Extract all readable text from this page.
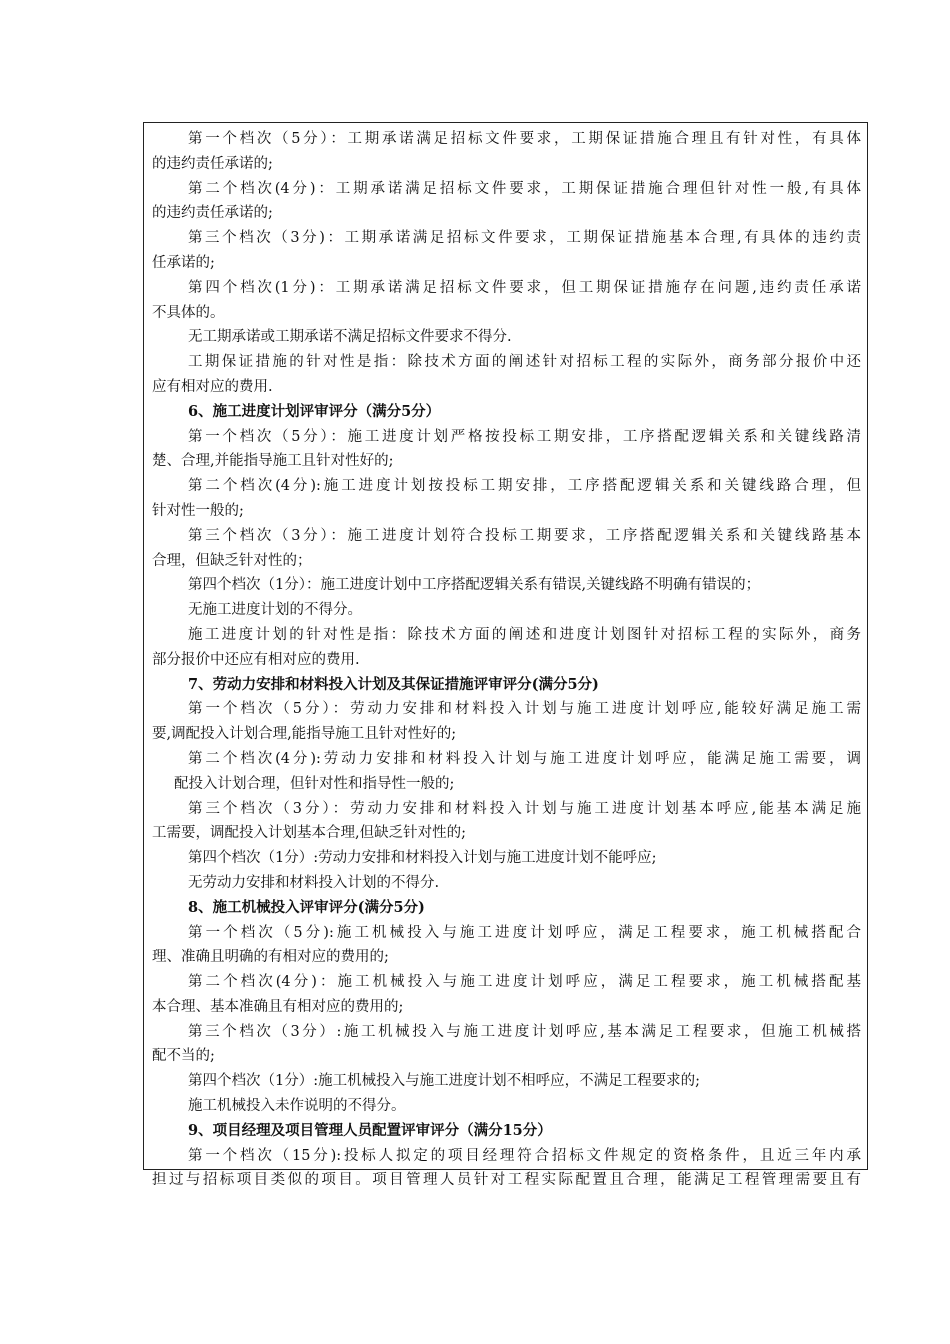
第一个档次（5分）：工期承诺满足招标文件要求，工期保证措施合理且有针对性，有具体
的违约责任承诺的;
第二个档次(4分)：工期承诺满足招标文件要求，工期保证措施合理但针对性一般,有具体
的违约责任承诺的;
第三个档次（3分)：工期承诺满足招标文件要求，工期保证措施基本合理,有具体的违约责
任承诺的;
第四个档次(1分)：工期承诺满足招标文件要求，但工期保证措施存在问题,违约责任承诺
不具体的。
无工期承诺或工期承诺不满足招标文件要求不得分.
工期保证措施的针对性是指：除技术方面的阐述针对招标工程的实际外，商务部分报价中还
应有相对应的费用.
6、施工进度计划评审评分（满分5分）
第一个档次（5分）：施工进度计划严格按投标工期安排，工序搭配逻辑关系和关键线路清
楚、合理,并能指导施工且针对性好的;
第二个档次(4分):施工进度计划按投标工期安排，工序搭配逻辑关系和关键线路合理，但
针对性一般的;
第三个档次（3分）：施工进度计划符合投标工期要求，工序搭配逻辑关系和关键线路基本
合理，但缺乏针对性的；
第四个档次（1分）：施工进度计划中工序搭配逻辑关系有错误,关键线路不明确有错误的；
无施工进度计划的不得分。
施工进度计划的针对性是指：除技术方面的阐述和进度计划图针对招标工程的实际外，商务
部分报价中还应有相对应的费用.
7、劳动力安排和材料投入计划及其保证措施评审评分(满分5分)
第一个档次（5分）：劳动力安排和材料投入计划与施工进度计划呼应,能较好满足施工需
要,调配投入计划合理,能指导施工且针对性好的;
第二个档次(4分):劳动力安排和材料投入计划与施工进度计划呼应，能满足施工需要，调
配投入计划合理，但针对性和指导性一般的;
第三个档次（3分）：劳动力安排和材料投入计划与施工进度计划基本呼应,能基本满足施
工需要，调配投入计划基本合理,但缺乏针对性的;
第四个档次（1分）:劳动力安排和材料投入计划与施工进度计划不能呼应;
无劳动力安排和材料投入计划的不得分.
8、施工机械投入评审评分(满分5分)
第一个档次（5分):施工机械投入与施工进度计划呼应，满足工程要求，施工机械搭配合
理、准确且明确的有相对应的费用的;
第二个档次(4分)：施工机械投入与施工进度计划呼应，满足工程要求，施工机械搭配基
本合理、基本准确且有相对应的费用的;
第三个档次（3分）:施工机械投入与施工进度计划呼应,基本满足工程要求，但施工机械搭
配不当的;
第四个档次（1分）:施工机械投入与施工进度计划不相呼应，不满足工程要求的;
施工机械投入未作说明的不得分。
9、项目经理及项目管理人员配置评审评分（满分15分）
第一个档次（15分):投标人拟定的项目经理符合招标文件规定的资格条件，且近三年内承
担过与招标项目类似的项目。项目管理人员针对工程实际配置且合理，能满足工程管理需要且有
